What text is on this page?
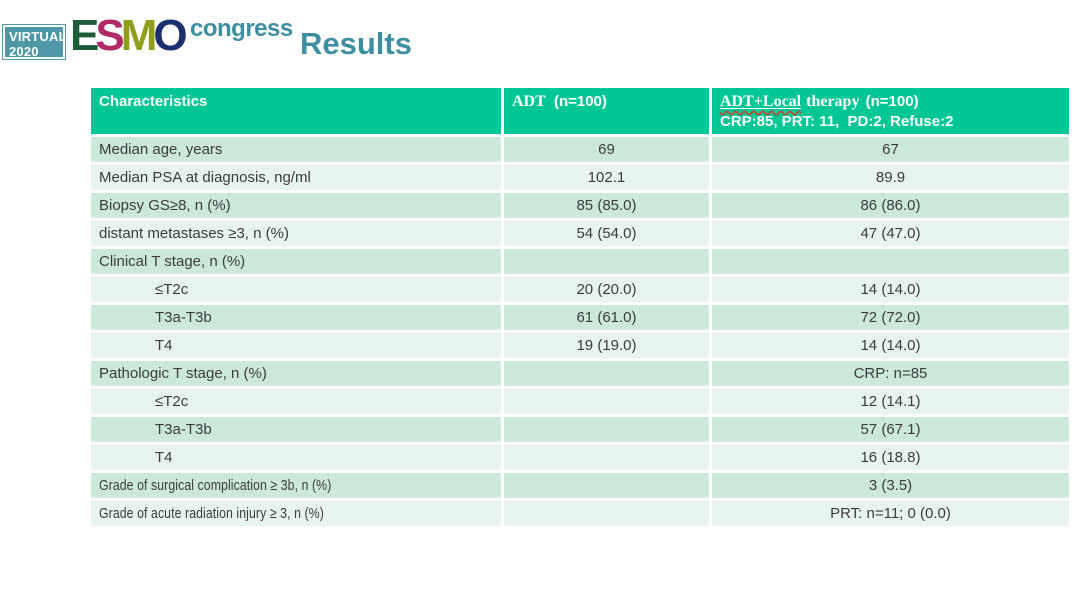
VIRTUAL
2020 ESMO congress Results
Characteristics	ADT (n=100)	ADT+Local therapy (n=100)
CRP:85, PRT: 11,  PD:2, Refuse:2

Median age, years	69	67
Median PSA at diagnosis, ng/ml	102.1	89.9
Biopsy GS≥8, n (%)	85 (85.0)	86 (86.0)
distant metastases ≥3, n (%)	54 (54.0)	47 (47.0)
Clinical T stage, n (%)		
≤T2c	20 (20.0)	14 (14.0)
T3a-T3b	61 (61.0)	72 (72.0)
T4	19 (19.0)	14 (14.0)
Pathologic T stage, n (%)		CRP: n=85
≤T2c		12 (14.1)
T3a-T3b		57 (67.1)
T4		16 (18.8)
Grade of surgical complication ≥ 3b, n (%)		3 (3.5)
Grade of acute radiation injury ≥ 3, n (%)		PRT: n=11; 0 (0.0)
